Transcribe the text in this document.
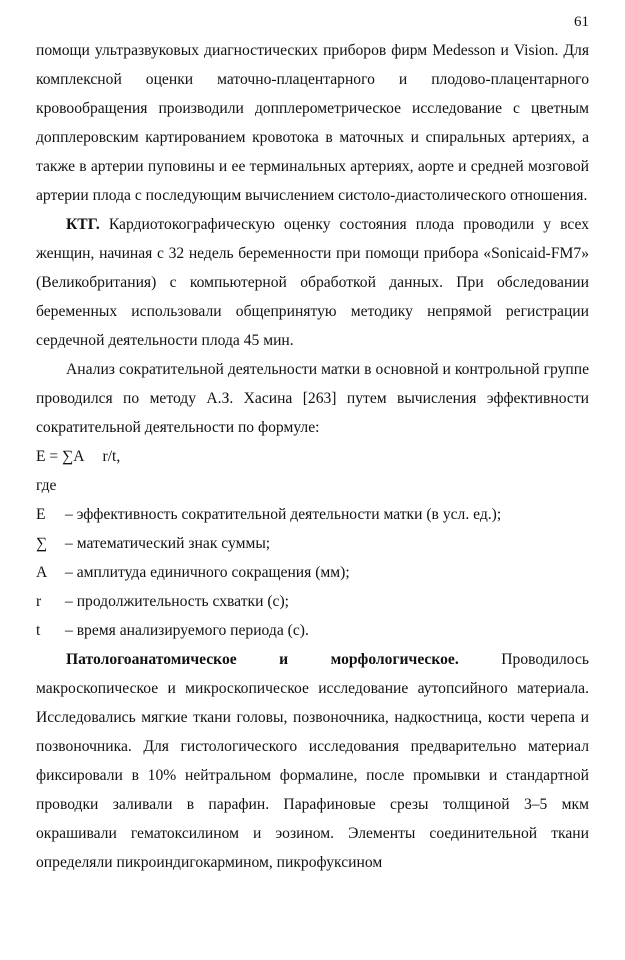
61

помощи ультразвуковых диагностических приборов фирм Medesson и Vision. Для комплексной оценки маточно-плацентарного и плодово-плацентарного кровообращения производили допплерометрическое исследование с цветным допплеровским картированием кровотока в маточных и спиральных артериях, а также в артерии пуповины и ее терминальных артериях, аорте и средней мозговой артерии плода с последующим вычислением систоло-диастолического отношения.

КТГ. Кардиотокографическую оценку состояния плода проводили у всех женщин, начиная с 32 недель беременности при помощи прибора «Sonicaid-FM7» (Великобритания) с компьютерной обработкой данных. При обследовании беременных использовали общепринятую методику непрямой регистрации сердечной деятельности плода 45 мин.

Анализ сократительной деятельности матки в основной и контрольной группе проводился по методу А.З. Хасина [263] путем вычисления эффективности сократительной деятельности по формуле:

E = ∑A r/t,

где

E	– эффективность сократительной деятельности матки (в усл. ед.);
∑	– математический знак суммы;
A	– амплитуда единичного сокращения (мм);
r	– продолжительность схватки (с);
t	– время анализируемого периода (с).

Патологоанатомическое и морфологическое. Проводилось макроскопическое и микроскопическое исследование аутопсийного материала. Исследовались мягкие ткани головы, позвоночника, надкостница, кости черепа и позвоночника. Для гистологического исследования предварительно материал фиксировали в 10% нейтральном формалине, после промывки и стандартной проводки заливали в парафин. Парафиновые срезы толщиной 3–5 мкм окрашивали гематоксилином и эозином. Элементы соединительной ткани определяли пикроиндигокармином, пикрофуксином
